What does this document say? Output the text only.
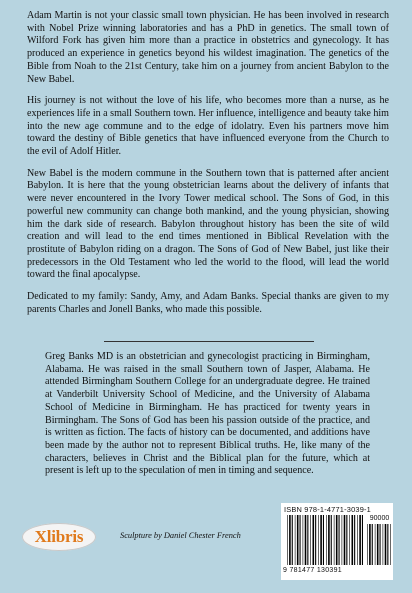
Adam Martin is not your classic small town physician. He has been involved in research with Nobel Prize winning laboratories and has a PhD in genetics. The small town of Wilford Fork has given him more than a practice in obstetrics and gynecology. It has produced an experience in genetics beyond his wildest imagination. The genetics of the Bible from Noah to the 21st Century, take him on a journey from ancient Babylon to the New Babel.

His journey is not without the love of his life, who becomes more than a nurse, as he experiences life in a small Southern town. Her influence, intelligence and beauty take him into the new age commune and to the edge of idolatry. Even his partners move him toward the destiny of Bible genetics that have influenced everyone from the Church to the evil of Adolf Hitler.

New Babel is the modern commune in the Southern town that is patterned after ancient Babylon. It is here that the young obstetrician learns about the delivery of infants that were never encountered in the Ivory Tower medical school. The Sons of God, in this powerful new community can change both mankind, and the young physician, showing him the dark side of research. Babylon throughout history has been the site of wild creation and will lead to the end times mentioned in Biblical Revelation with the prostitute of Babylon riding on a dragon. The Sons of God of New Babel, just like their predecessors in the Old Testament who led the world to the flood, will lead the world toward the final apocalypse.

Dedicated to my family: Sandy, Amy, and Adam Banks. Special thanks are given to my parents Charles and Jonell Banks, who made this possible.

Greg Banks MD is an obstetrician and gynecologist practicing in Birmingham, Alabama. He was raised in the small Southern town of Jasper, Alabama. He attended Birmingham Southern College for an undergraduate degree. He trained at Vanderbilt University School of Medicine, and the University of Alabama School of Medicine in Birmingham. He has practiced for twenty years in Birmingham. The Sons of God has been his passion outside of the practice, and is written as fiction. The facts of history can be documented, and additions have been made by the author not to represent Biblical truths. He, like many of the characters, believes in Christ and the Biblical plan for the future, which at present is left up to the speculation of men in timing and sequence.

Xlibris	Sculpture by Daniel Chester French
ISBN 978-1-4771-3039-1
90000
9 781477 130391
